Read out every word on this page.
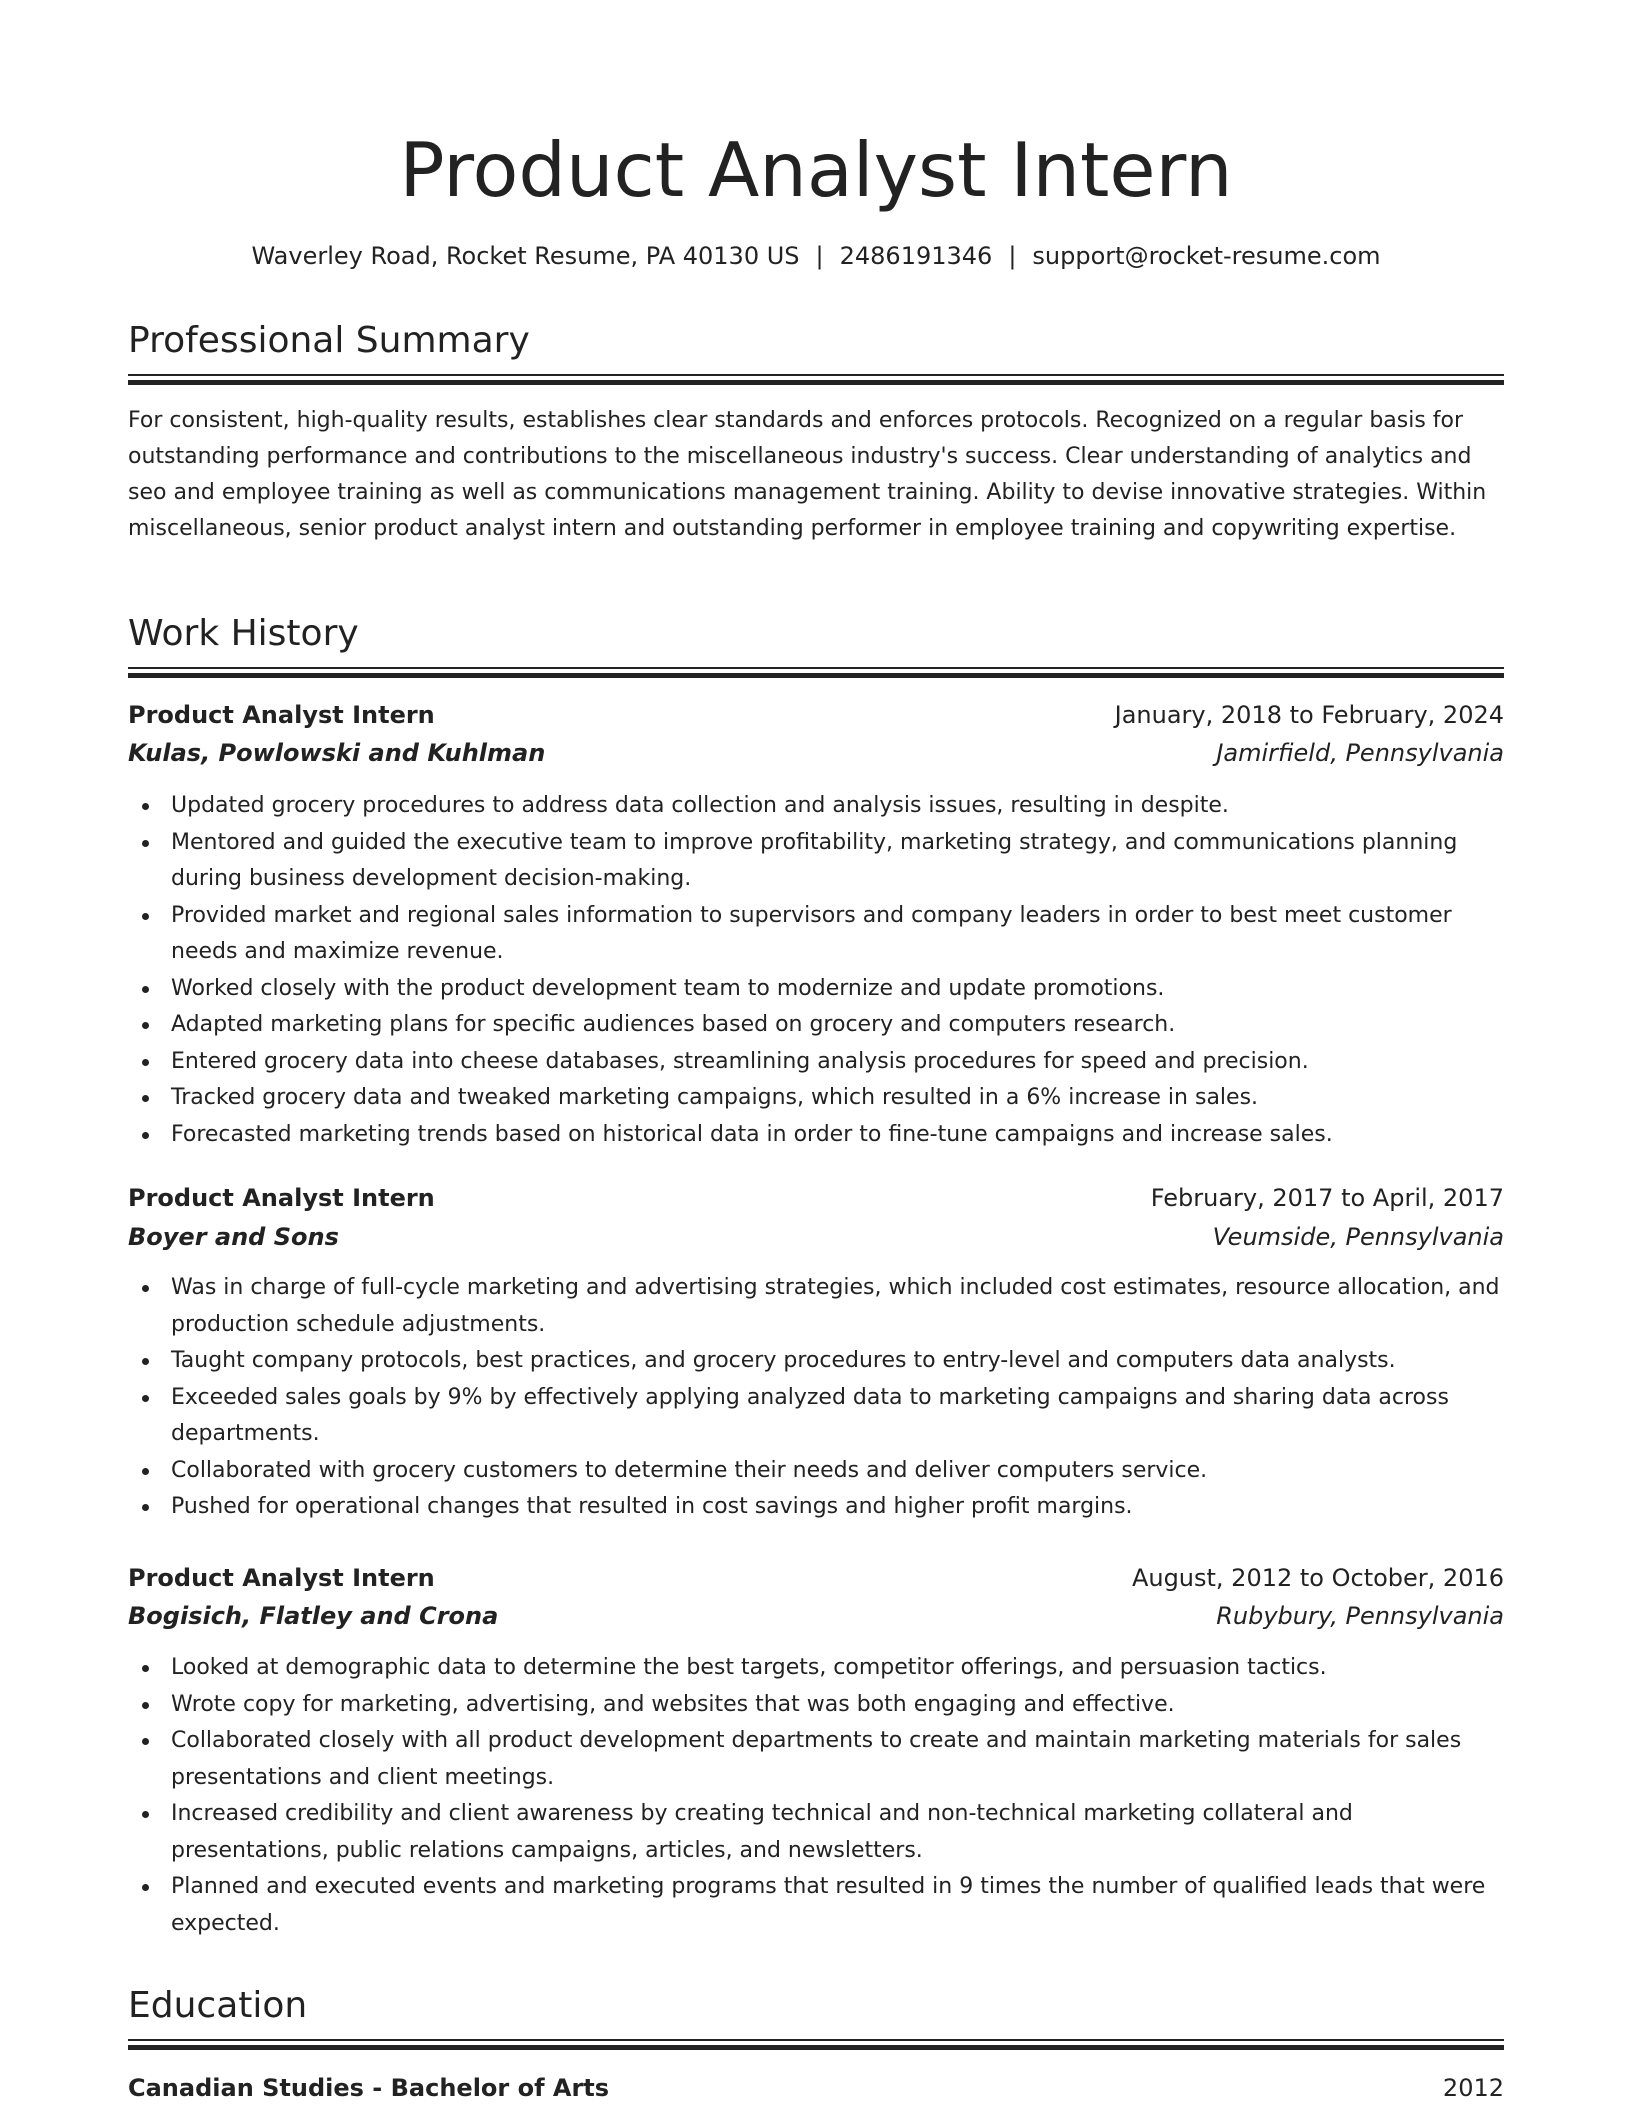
Product Analyst Intern
Waverley Road, Rocket Resume, PA 40130 US | 2486191346 | support@rocket-resume.com
Professional Summary

For consistent, high-quality results, establishes clear standards and enforces protocols. Recognized on a regular basis for outstanding performance and contributions to the miscellaneous industry's success. Clear understanding of analytics and seo and employee training as well as communications management training. Ability to devise innovative strategies. Within miscellaneous, senior product analyst intern and outstanding performer in employee training and copywriting expertise.

Work History
Product Analyst Intern	January, 2018 to February, 2024
Kulas, Powlowski and Kuhlman	Jamirfield, Pennsylvania
Updated grocery procedures to address data collection and analysis issues, resulting in despite.
Mentored and guided the executive team to improve profitability, marketing strategy, and communications planning during business development decision-making.
Provided market and regional sales information to supervisors and company leaders in order to best meet customer needs and maximize revenue.
Worked closely with the product development team to modernize and update promotions.
Adapted marketing plans for specific audiences based on grocery and computers research.
Entered grocery data into cheese databases, streamlining analysis procedures for speed and precision.
Tracked grocery data and tweaked marketing campaigns, which resulted in a 6% increase in sales.
Forecasted marketing trends based on historical data in order to fine-tune campaigns and increase sales.
Product Analyst Intern	February, 2017 to April, 2017
Boyer and Sons	Veumside, Pennsylvania
Was in charge of full-cycle marketing and advertising strategies, which included cost estimates, resource allocation, and production schedule adjustments.
Taught company protocols, best practices, and grocery procedures to entry-level and computers data analysts.
Exceeded sales goals by 9% by effectively applying analyzed data to marketing campaigns and sharing data across departments.
Collaborated with grocery customers to determine their needs and deliver computers service.
Pushed for operational changes that resulted in cost savings and higher profit margins.
Product Analyst Intern	August, 2012 to October, 2016
Bogisich, Flatley and Crona	Rubybury, Pennsylvania
Looked at demographic data to determine the best targets, competitor offerings, and persuasion tactics.
Wrote copy for marketing, advertising, and websites that was both engaging and effective.
Collaborated closely with all product development departments to create and maintain marketing materials for sales presentations and client meetings.
Increased credibility and client awareness by creating technical and non-technical marketing collateral and presentations, public relations campaigns, articles, and newsletters.
Planned and executed events and marketing programs that resulted in 9 times the number of qualified leads that were expected.
Education
Canadian Studies - Bachelor of Arts	2012
